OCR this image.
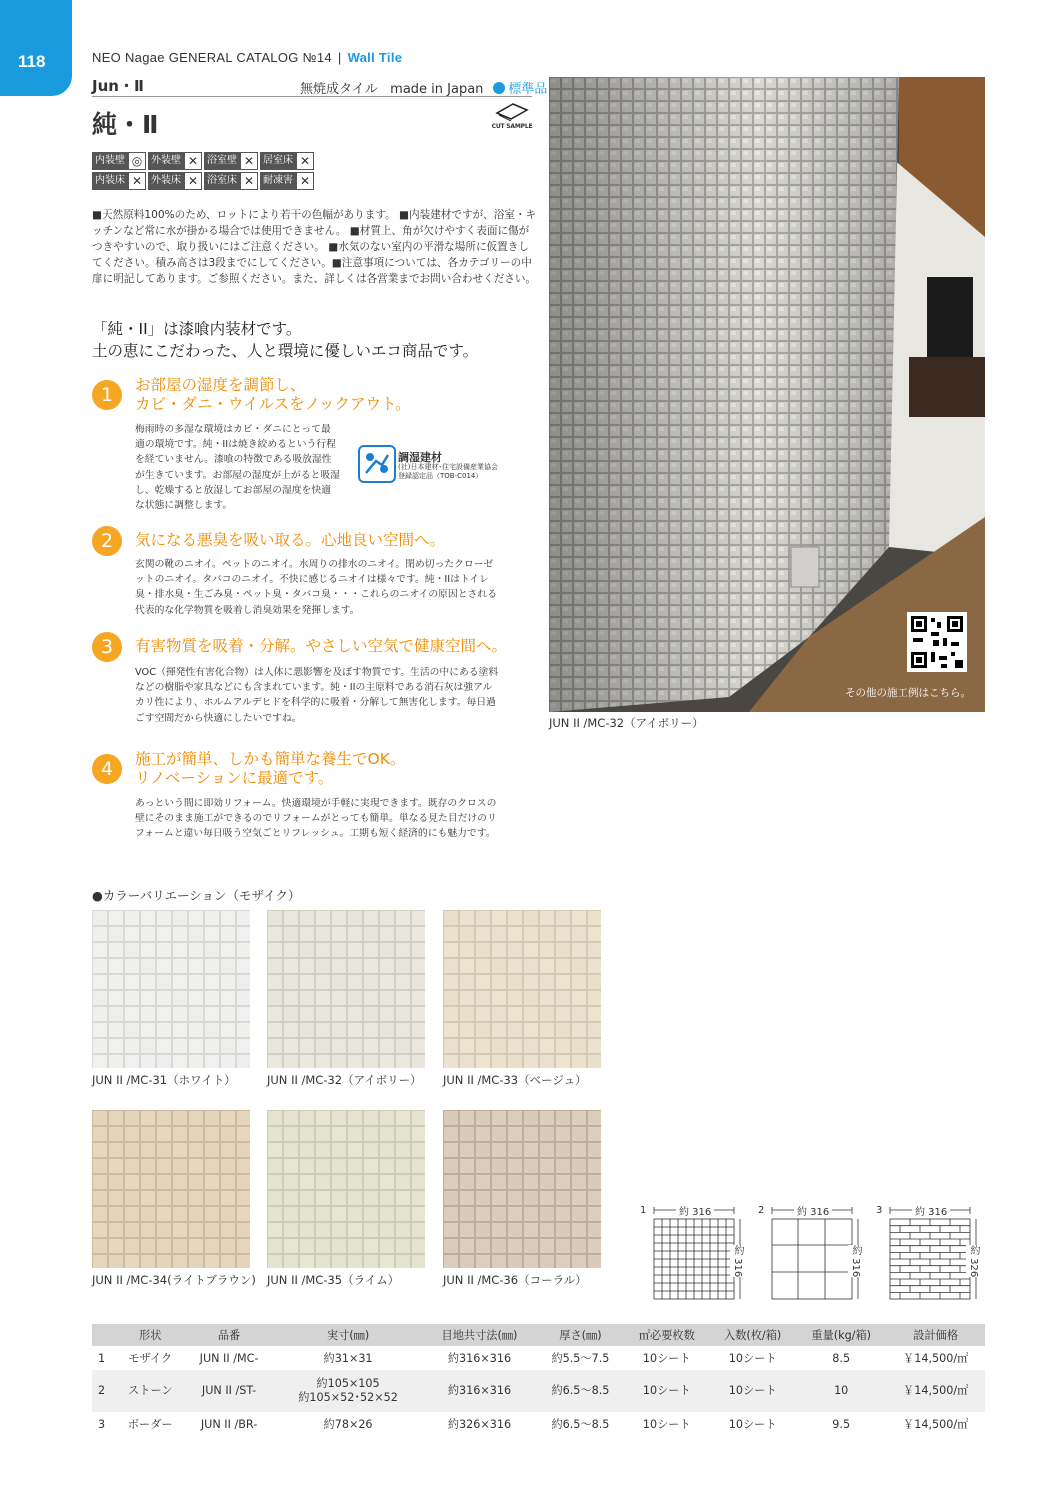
118	NEO Nagae GENERAL CATALOG №14 | Wall Tile
Jun・Ⅱ
純・Ⅱ
無焼成タイル made in Japan 標準品
CUT SAMPLE
内装壁 ◎ 外装壁 ✕ 浴室壁 ✕ 居室床 ✕
内装床 ✕ 外装床 ✕ 浴室床 ✕ 耐凍害 ✕
■天然原料100%のため、ロットにより若干の色幅があります。 ■内装建材ですが、浴室・キッチンなど常に水が掛かる場合では使用できません。 ■材質上、角が欠けやすく表面に傷がつきやすいので、取り扱いにはご注意ください。 ■水気のない室内の平滑な場所に仮置きしてください。積み高さは3段までにしてください。■注意事項については、各カテゴリーの中扉に明記してあります。ご参照ください。また、詳しくは各営業までお問い合わせください。
「純・II」は漆喰内装材です。
土の恵にこだわった、人と環境に優しいエコ商品です。
1	お部屋の湿度を調節し、
カビ・ダニ・ウイルスをノックアウト。
梅雨時の多湿な環境はカビ・ダニにとって最適の環境です。純・IIは焼き絞めるという行程を経ていません。漆喰の特徴である吸放湿性が生きています。お部屋の湿度が上がると吸湿し、乾燥すると放湿してお部屋の湿度を快適な状態に調整します。
調湿建材
(社)日本建材･住宅設備産業協会
登録認定品（TOB-C014）
2	気になる悪臭を吸い取る。心地良い空間へ。
玄関の靴のニオイ。ペットのニオイ。水周りの排水のニオイ。閉め切ったクローゼットのニオイ。タバコのニオイ。不快に感じるニオイは様々です。純・IIはトイレ臭・排水臭・生ごみ臭・ペット臭・タバコ臭・・・これらのニオイの原因とされる代表的な化学物質を吸着し消臭効果を発揮します。
3	有害物質を吸着・分解。やさしい空気で健康空間へ。
VOC（揮発性有害化合物）は人体に悪影響を及ぼす物質です。生活の中にある塗料などの樹脂や家具などにも含まれています。純・IIの主原料である消石灰は強アルカリ性により、ホルムアルデヒドを科学的に吸着・分解して無害化します。毎日過ごす空間だから快適にしたいですね。
4	施工が簡単、しかも簡単な養生でOK。
リノベーションに最適です。
あっという間に即効リフォーム。快適環境が手軽に実現できます。既存のクロスの壁にそのまま施工ができるのでリフォームがとっても簡単。単なる見た目だけのリフォームと違い毎日吸う空気ごとリフレッシュ。工期も短く経済的にも魅力です。
その他の施工例はこちら。
JUN II /MC-32（アイボリー）
●カラーバリエーション（モザイク）
JUN II /MC-31（ホワイト）	JUN II /MC-32（アイボリー） JUN II /MC-33（ベージュ）
JUN II /MC-34(ライトブラウン) JUN II /MC-35（ライム）	JUN II /MC-36（コーラル）
1	約 316
約 316
2	約 316
約 316
3	約 316
約 326
	形状	品番	実寸(㎜)	目地共寸法(㎜)	厚さ(㎜)	㎡必要枚数	入数(枚/箱)	重量(kg/箱)	設計価格
1	モザイク	JUN II /MC-	約31×31	約316×316	約5.5～7.5	10シート	10シート	8.5	￥14,500/㎡
2	ストーン	JUN II /ST-	約105×105
約105×52･52×52	約316×316	約6.5～8.5	10シート	10シート	10	￥14,500/㎡
3	ボーダー	JUN II /BR-	約78×26	約326×316	約6.5～8.5	10シート	10シート	9.5	￥14,500/㎡
